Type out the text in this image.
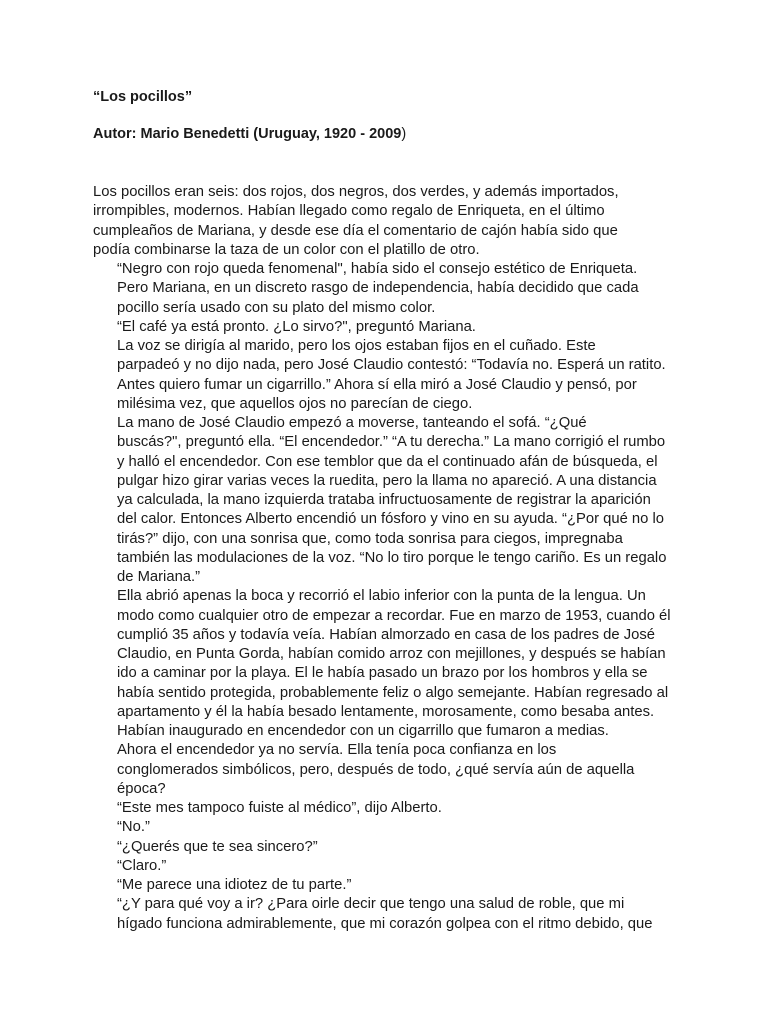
“Los pocillos”

Autor: Mario Benedetti (Uruguay, 1920 - 2009)

Los pocillos eran seis: dos rojos, dos negros, dos verdes, y además importados,
irrompibles, modernos. Habían llegado como regalo de Enriqueta, en el último
cumpleaños de Mariana, y desde ese día el comentario de cajón había sido que
podía combinarse la taza de un color con el platillo de otro.

“Negro con rojo queda fenomenal", había sido el consejo estético de Enriqueta.

Pero Mariana, en un discreto rasgo de independencia, había decidido que cada
pocillo sería usado con su plato del mismo color.

“El café ya está pronto. ¿Lo sirvo?", preguntó Mariana.

La voz se dirigía al marido, pero los ojos estaban fijos en el cuñado. Este
parpadeó y no dijo nada, pero José Claudio contestó: “Todavía no. Esperá un ratito.
Antes quiero fumar un cigarrillo.” Ahora sí ella miró a José Claudio y pensó, por
milésima vez, que aquellos ojos no parecían de ciego.

La mano de José Claudio empezó a moverse, tanteando el sofá. “¿Qué
buscás?", preguntó ella. “El encendedor.” “A tu derecha.” La mano corrigió el rumbo
y halló el encendedor. Con ese temblor que da el continuado afán de búsqueda, el
pulgar hizo girar varias veces la ruedita, pero la llama no apareció. A una distancia
ya calculada, la mano izquierda trataba infructuosamente de registrar la aparición
del calor. Entonces Alberto encendió un fósforo y vino en su ayuda. “¿Por qué no lo
tirás?” dijo, con una sonrisa que, como toda sonrisa para ciegos, impregnaba
también las modulaciones de la voz. “No lo tiro porque le tengo cariño. Es un regalo
de Mariana.”

Ella abrió apenas la boca y recorrió el labio inferior con la punta de la lengua. Un
modo como cualquier otro de empezar a recordar. Fue en marzo de 1953, cuando él
cumplió 35 años y todavía veía. Habían almorzado en casa de los padres de José
Claudio, en Punta Gorda, habían comido arroz con mejillones, y después se habían
ido a caminar por la playa. El le había pasado un brazo por los hombros y ella se
había sentido protegida, probablemente feliz o algo semejante. Habían regresado al
apartamento y él la había besado lentamente, morosamente, como besaba antes.
Habían inaugurado en encendedor con un cigarrillo que fumaron a medias.

Ahora el encendedor ya no servía. Ella tenía poca confianza en los
conglomerados simbólicos, pero, después de todo, ¿qué servía aún de aquella
época?

“Este mes tampoco fuiste al médico”, dijo Alberto.

“No.”

“¿Querés que te sea sincero?”

“Claro.”

“Me parece una idiotez de tu parte.”

“¿Y para qué voy a ir? ¿Para oirle decir que tengo una salud de roble, que mi
hígado funciona admirablemente, que mi corazón golpea con el ritmo debido, que
